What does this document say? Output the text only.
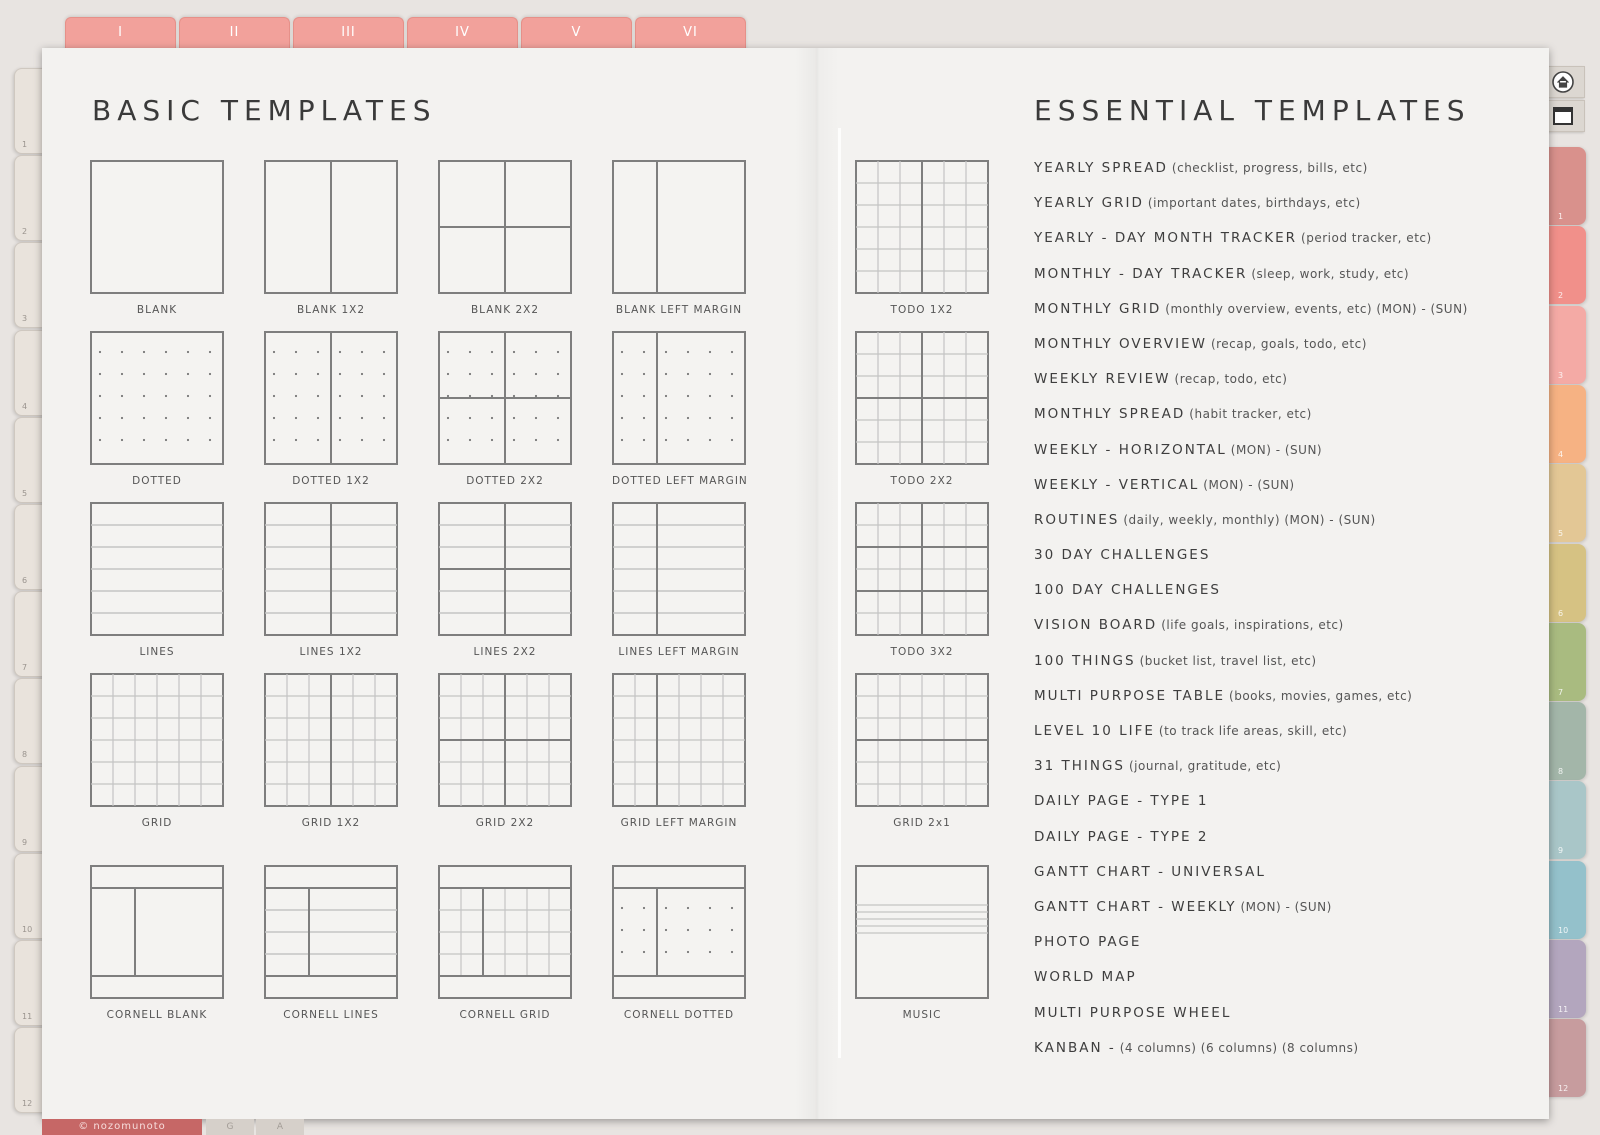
I	II	III	IV	V	VI
1
2
3
4
5
6
7
8
9
10
11
12
1
2
3
4
5
6
7
8
9
10
11
12
BASIC TEMPLATES	ESSENTIAL TEMPLATES
BLANK	BLANK 1X2	BLANK 2X2	BLANK LEFT MARGIN
DOTTED	DOTTED 1X2	DOTTED 2X2	DOTTED LEFT MARGIN
LINES	LINES 1X2	LINES 2X2	LINES LEFT MARGIN
GRID	GRID 1X2	GRID 2X2	GRID LEFT MARGIN
CORNELL BLANK	CORNELL LINES	CORNELL GRID	CORNELL DOTTED
TODO 1X2
TODO 2X2
TODO 3X2
GRID 2x1
MUSIC
YEARLY SPREAD (checklist, progress, bills, etc)
YEARLY GRID (important dates, birthdays, etc)
YEARLY - DAY MONTH TRACKER (period tracker, etc)
MONTHLY - DAY TRACKER (sleep, work, study, etc)
MONTHLY GRID (monthly overview, events, etc) (MON) - (SUN)
MONTHLY OVERVIEW (recap, goals, todo, etc)
WEEKLY REVIEW (recap, todo, etc)
MONTHLY SPREAD (habit tracker, etc)
WEEKLY - HORIZONTAL (MON) - (SUN)
WEEKLY - VERTICAL (MON) - (SUN)
ROUTINES (daily, weekly, monthly) (MON) - (SUN)
30 DAY CHALLENGES
100 DAY CHALLENGES
VISION BOARD (life goals, inspirations, etc)
100 THINGS (bucket list, travel list, etc)
MULTI PURPOSE TABLE (books, movies, games, etc)
LEVEL 10 LIFE (to track life areas, skill, etc)
31 THINGS (journal, gratitude, etc)
DAILY PAGE - TYPE 1
DAILY PAGE - TYPE 2
GANTT CHART - UNIVERSAL
GANTT CHART - WEEKLY (MON) - (SUN)
PHOTO PAGE
WORLD MAP
MULTI PURPOSE WHEEL
KANBAN - (4 columns) (6 columns) (8 columns)
© nozomunoto	G	A
